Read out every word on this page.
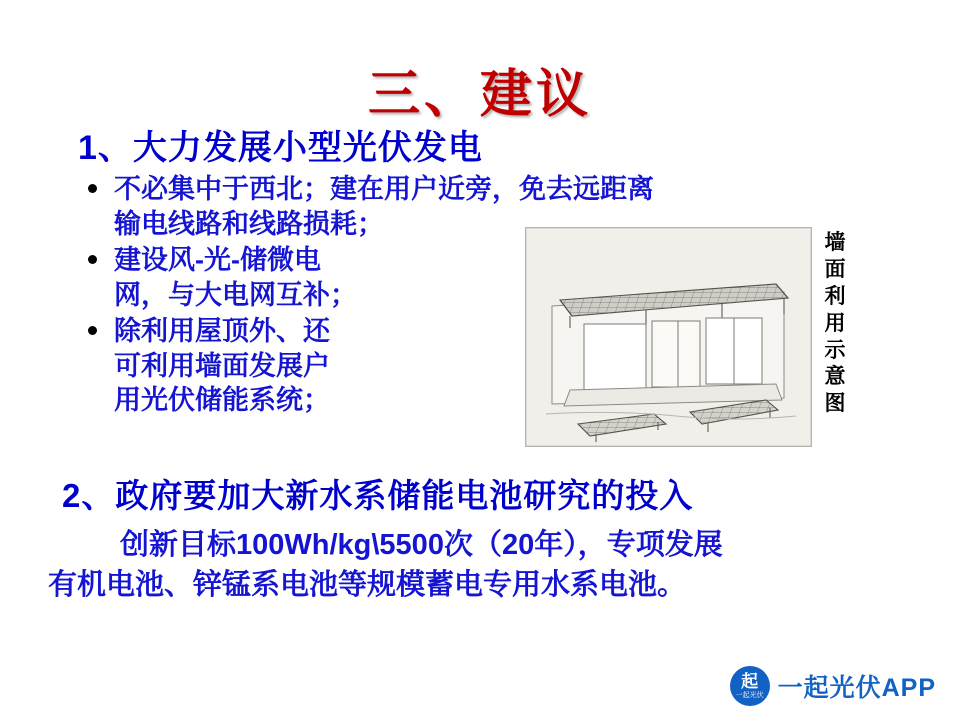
三、建议
1、大力发展小型光伏发电
不必集中于西北；建在用户近旁，免去远距离
输电线路和线路损耗；
建设风-光-储微电
网，与大电网互补；
除利用屋顶外、还
可利用墙面发展户
用光伏储能系统；
墙面利用示意图
2、政府要加大新水系储能电池研究的投入
创新目标100Wh/kg\5500次（20年），专项发展
有机电池、锌锰系电池等规模蓄电专用水系电池。
起
一起光伏 一起光伏APP
